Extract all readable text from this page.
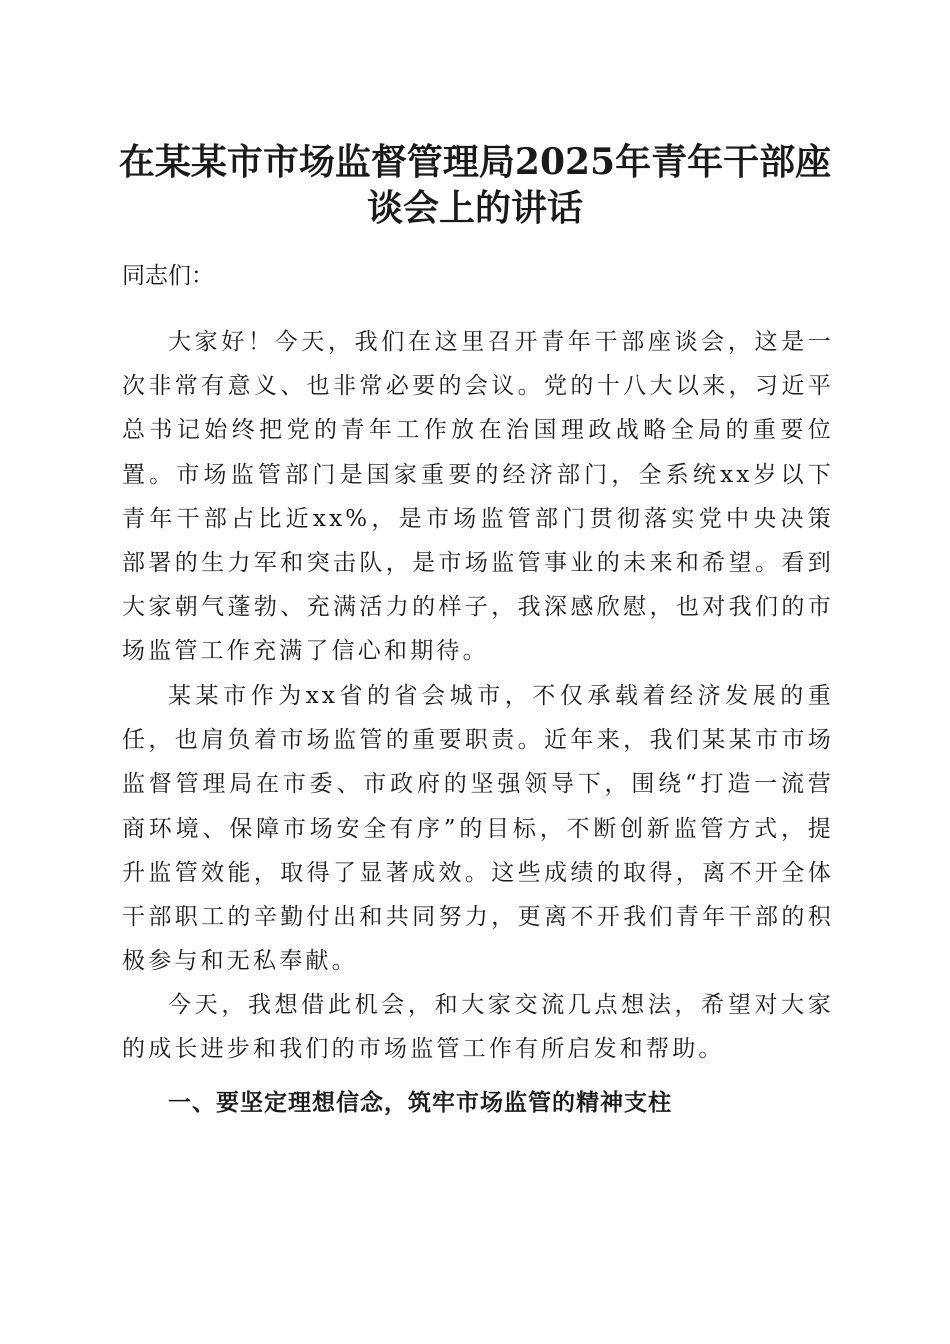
在某某市市场监督管理局2025年青年干部座
谈会上的讲话

同志们：

大家好！今天，我们在这里召开青年干部座谈会，这是一次非常有意义、也非常必要的会议。党的十八大以来，习近平总书记始终把党的青年工作放在治国理政战略全局的重要位置。市场监管部门是国家重要的经济部门，全系统xx岁以下青年干部占比近xx%，是市场监管部门贯彻落实党中央决策部署的生力军和突击队，是市场监管事业的未来和希望。看到大家朝气蓬勃、充满活力的样子，我深感欣慰，也对我们的市场监管工作充满了信心和期待。

某某市作为xx省的省会城市，不仅承载着经济发展的重任，也肩负着市场监管的重要职责。近年来，我们某某市市场监督管理局在市委、市政府的坚强领导下，围绕“打造一流营商环境、保障市场安全有序”的目标，不断创新监管方式，提升监管效能，取得了显著成效。这些成绩的取得，离不开全体干部职工的辛勤付出和共同努力，更离不开我们青年干部的积极参与和无私奉献。

今天，我想借此机会，和大家交流几点想法，希望对大家的成长进步和我们的市场监管工作有所启发和帮助。

一、要坚定理想信念，筑牢市场监管的精神支柱
